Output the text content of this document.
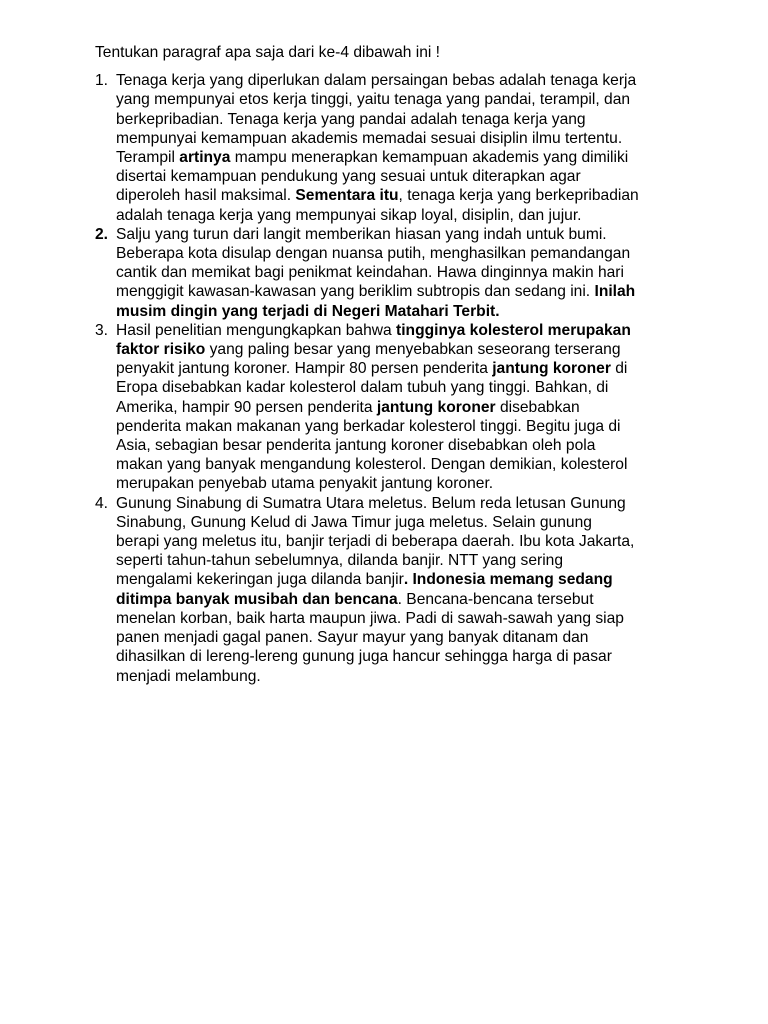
Tentukan paragraf apa saja dari ke-4 dibawah ini !

1. Tenaga kerja yang diperlukan dalam persaingan bebas adalah tenaga kerja
yang mempunyai etos kerja tinggi, yaitu tenaga yang pandai, terampil, dan
berkepribadian. Tenaga kerja yang pandai adalah tenaga kerja yang
mempunyai kemampuan akademis memadai sesuai disiplin ilmu tertentu.
Terampil artinya mampu menerapkan kemampuan akademis yang dimiliki
disertai kemampuan pendukung yang sesuai untuk diterapkan agar
diperoleh hasil maksimal. Sementara itu, tenaga kerja yang berkepribadian
adalah tenaga kerja yang mempunyai sikap loyal, disiplin, dan jujur.
2. Salju yang turun dari langit memberikan hiasan yang indah untuk bumi.
Beberapa kota disulap dengan nuansa putih, menghasilkan pemandangan
cantik dan memikat bagi penikmat keindahan. Hawa dinginnya makin hari
menggigit kawasan-kawasan yang beriklim subtropis dan sedang ini. Inilah
musim dingin yang terjadi di Negeri Matahari Terbit.
3. Hasil penelitian mengungkapkan bahwa tingginya kolesterol merupakan
faktor risiko yang paling besar yang menyebabkan seseorang terserang
penyakit jantung koroner. Hampir 80 persen penderita jantung koroner di
Eropa disebabkan kadar kolesterol dalam tubuh yang tinggi. Bahkan, di
Amerika, hampir 90 persen penderita jantung koroner disebabkan
penderita makan makanan yang berkadar kolesterol tinggi. Begitu juga di
Asia, sebagian besar penderita jantung koroner disebabkan oleh pola
makan yang banyak mengandung kolesterol. Dengan demikian, kolesterol
merupakan penyebab utama penyakit jantung koroner.
4. Gunung Sinabung di Sumatra Utara meletus. Belum reda letusan Gunung
Sinabung, Gunung Kelud di Jawa Timur juga meletus. Selain gunung
berapi yang meletus itu, banjir terjadi di beberapa daerah. Ibu kota Jakarta,
seperti tahun-tahun sebelumnya, dilanda banjir. NTT yang sering
mengalami kekeringan juga dilanda banjir. Indonesia memang sedang
ditimpa banyak musibah dan bencana. Bencana-bencana tersebut
menelan korban, baik harta maupun jiwa. Padi di sawah-sawah yang siap
panen menjadi gagal panen. Sayur mayur yang banyak ditanam dan
dihasilkan di lereng-lereng gunung juga hancur sehingga harga di pasar
menjadi melambung.
